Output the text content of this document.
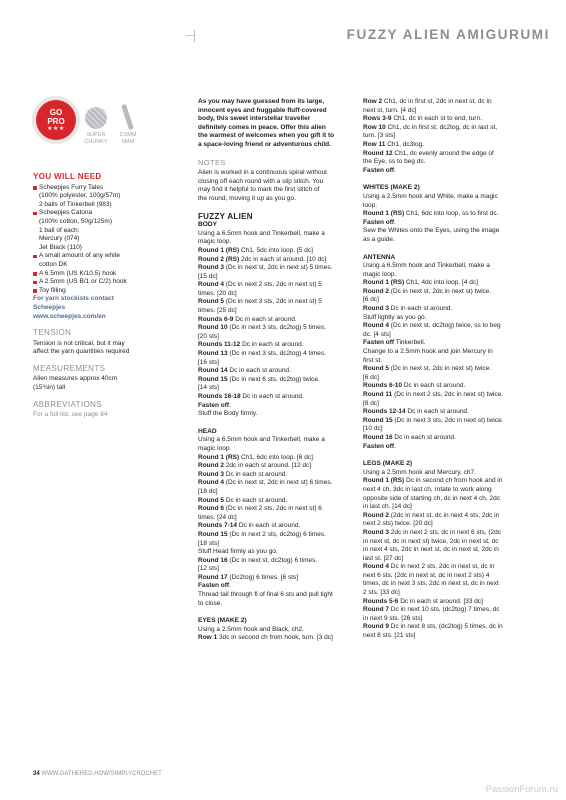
FUZZY ALIEN AMIGURUMI
GO
PRO
★★★
SUPER CHUNKY
2.5MM 6MM
YOU WILL NEED
Scheepjes Furry Tales
(100% polyester, 100g/57m)
2 balls of Tinkerbell (983)
Scheepjes Catona
(100% cotton, 50g/125m)
1 ball of each:
Mercury (074)
Jet Black (110)
A small amount of any white
cotton DK
A 6.5mm (US K/10.5) hook
A 2.5mm (US B/1 or C/2) hook
Toy filling
For yarn stockists contact
Scheepjes
www.scheepjes.com/en
TENSION
Tension is not critical, but it may
affect the yarn quantities required
MEASUREMENTS
Alien measures approx 40cm
(15¾in) tall
ABBREVIATIONS
For a full list, see page 84
As you may have guessed from its large,
innocent eyes and huggable fluff-covered
body, this sweet interstellar traveller
definitely comes in peace. Offer this alien
the warmest of welcomes when you gift it to
a space-loving friend or adventurous child.
NOTES
Alien is worked in a continuous spiral without
closing off each round with a slip stitch. You
may find it helpful to mark the first stitch of
the round, moving it up as you go.
FUZZY ALIEN
BODY
Using a 6.5mm hook and Tinkerbell, make a
magic loop.
Round 1 (RS) Ch1, 5dc into loop. [5 dc]
Round 2 (RS) 2dc in each st around. [10 dc]
Round 3 (Dc in next st, 2dc in next st) 5 times.
[15 dc]
Round 4 (Dc in next 2 sts, 2dc in next st) 5
times. [20 dc]
Round 5 (Dc in next 3 sts, 2dc in next st) 5
times. [25 dc]
Rounds 6-9 Dc in each st around.
Round 10 (Dc in next 3 sts, dc2tog) 5 times.
[20 sts]
Rounds 11-12 Dc in each st around.
Round 13 (Dc in next 3 sts, dc2tog) 4 times.
[16 sts]
Round 14 Dc in each st around.
Round 15 (Dc in next 6 sts, dc2tog) twice.
[14 sts]
Rounds 16-18 Dc in each st around.
Fasten off.
Stuff the Body firmly.
HEAD
Using a 6.5mm hook and Tinkerbell, make a
magic loop.
Round 1 (RS) Ch1, 6dc into loop. [6 dc]
Round 2 2dc in each st around. [12 dc]
Round 3 Dc in each st around.
Round 4 (Dc in next st, 2dc in next st) 6 times.
[18 dc]
Round 5 Dc in each st around.
Round 6 (Dc in next 2 sts, 2dc in next st) 6
times. [24 dc]
Rounds 7-14 Dc in each st around.
Round 15 (Dc in next 2 sts, dc2tog) 6 times.
[18 sts]
Stuff Head firmly as you go.
Round 16 (Dc in next st, dc2tog) 6 times.
[12 sts]
Round 17 (Dc2tog) 6 times. [6 sts]
Fasten off.
Thread tail through fl of final 6 sts and pull tight
to close.
EYES (MAKE 2)
Using a 2.5mm hook and Black, ch2.
Row 1 3dc in second ch from hook, turn. [3 dc]
Row 2 Ch1, dc in first st, 2dc in next st, dc in
next st, turn. [4 dc]
Rows 3-9 Ch1, dc in each st to end, turn.
Row 10 Ch1, dc in first st, dc2tog, dc in last st,
turn. [3 sts]
Row 11 Ch1, dc3tog.
Round 12 Ch1, dc evenly around the edge of
the Eye, ss to beg dc.
Fasten off.
WHITES (MAKE 2)
Using a 2.5mm hook and White, make a magic
loop.
Round 1 (RS) Ch1, 6dc into loop, ss to first dc.
Fasten off.
Sew the Whites onto the Eyes, using the image
as a guide.
ANTENNA
Using a 6.5mm hook and Tinkerbell, make a
magic loop.
Round 1 (RS) Ch1, 4dc into loop. [4 dc]
Round 2 (Dc in next st, 2dc in next st) twice.
[6 dc]
Round 3 Dc in each st around.
Stuff lightly as you go.
Round 4 (Dc in next st, dc2tog) twice, ss to beg
dc. [4 sts]
Fasten off Tinkerbell.
Change to a 2.5mm hook and join Mercury in
first st.
Round 5 (Dc in next st, 2dc in next st) twice.
[6 dc]
Rounds 6-10 Dc in each st around.
Round 11 (Dc in next 2 sts, 2dc in next st) twice.
[8 dc]
Rounds 12-14 Dc in each st around.
Round 15 (Dc in next 3 sts, 2dc in next st) twice.
[10 dc]
Round 16 Dc in each st around.
Fasten off.
LEGS (MAKE 2)
Using a 2.5mm hook and Mercury, ch7.
Round 1 (RS) Dc in second ch from hook and in
next 4 ch, 3dc in last ch, rotate to work along
opposite side of starting ch, dc in next 4 ch, 2dc
in last ch. [14 dc]
Round 2 (2dc in next st, dc in next 4 sts, 2dc in
next 2 sts) twice. [20 dc]
Round 3 2dc in next 2 sts, dc in next 6 sts, (2dc
in next st, dc in next st) twice, 2dc in next st, dc
in next 4 sts, 2dc in next st, dc in next st, 2dc in
last st. [27 dc]
Round 4 Dc in next 2 sts, 2dc in next st, dc in
next 6 sts, (2dc in next st, dc in next 2 sts) 4
times, dc in next 3 sts, 2dc in next st, dc in next
2 sts. [33 dc]
Rounds 5-6 Dc in each st around. [33 dc]
Round 7 Dc in next 10 sts, (dc2tog) 7 times, dc
in next 9 sts. [26 sts]
Round 9 Dc in next 8 sts, (dc2tog) 5 times, dc in
next 8 sts. [21 sts]
34 WWW.GATHERED.HOW/SIMPLYCROCHET
PassionForum.ru
